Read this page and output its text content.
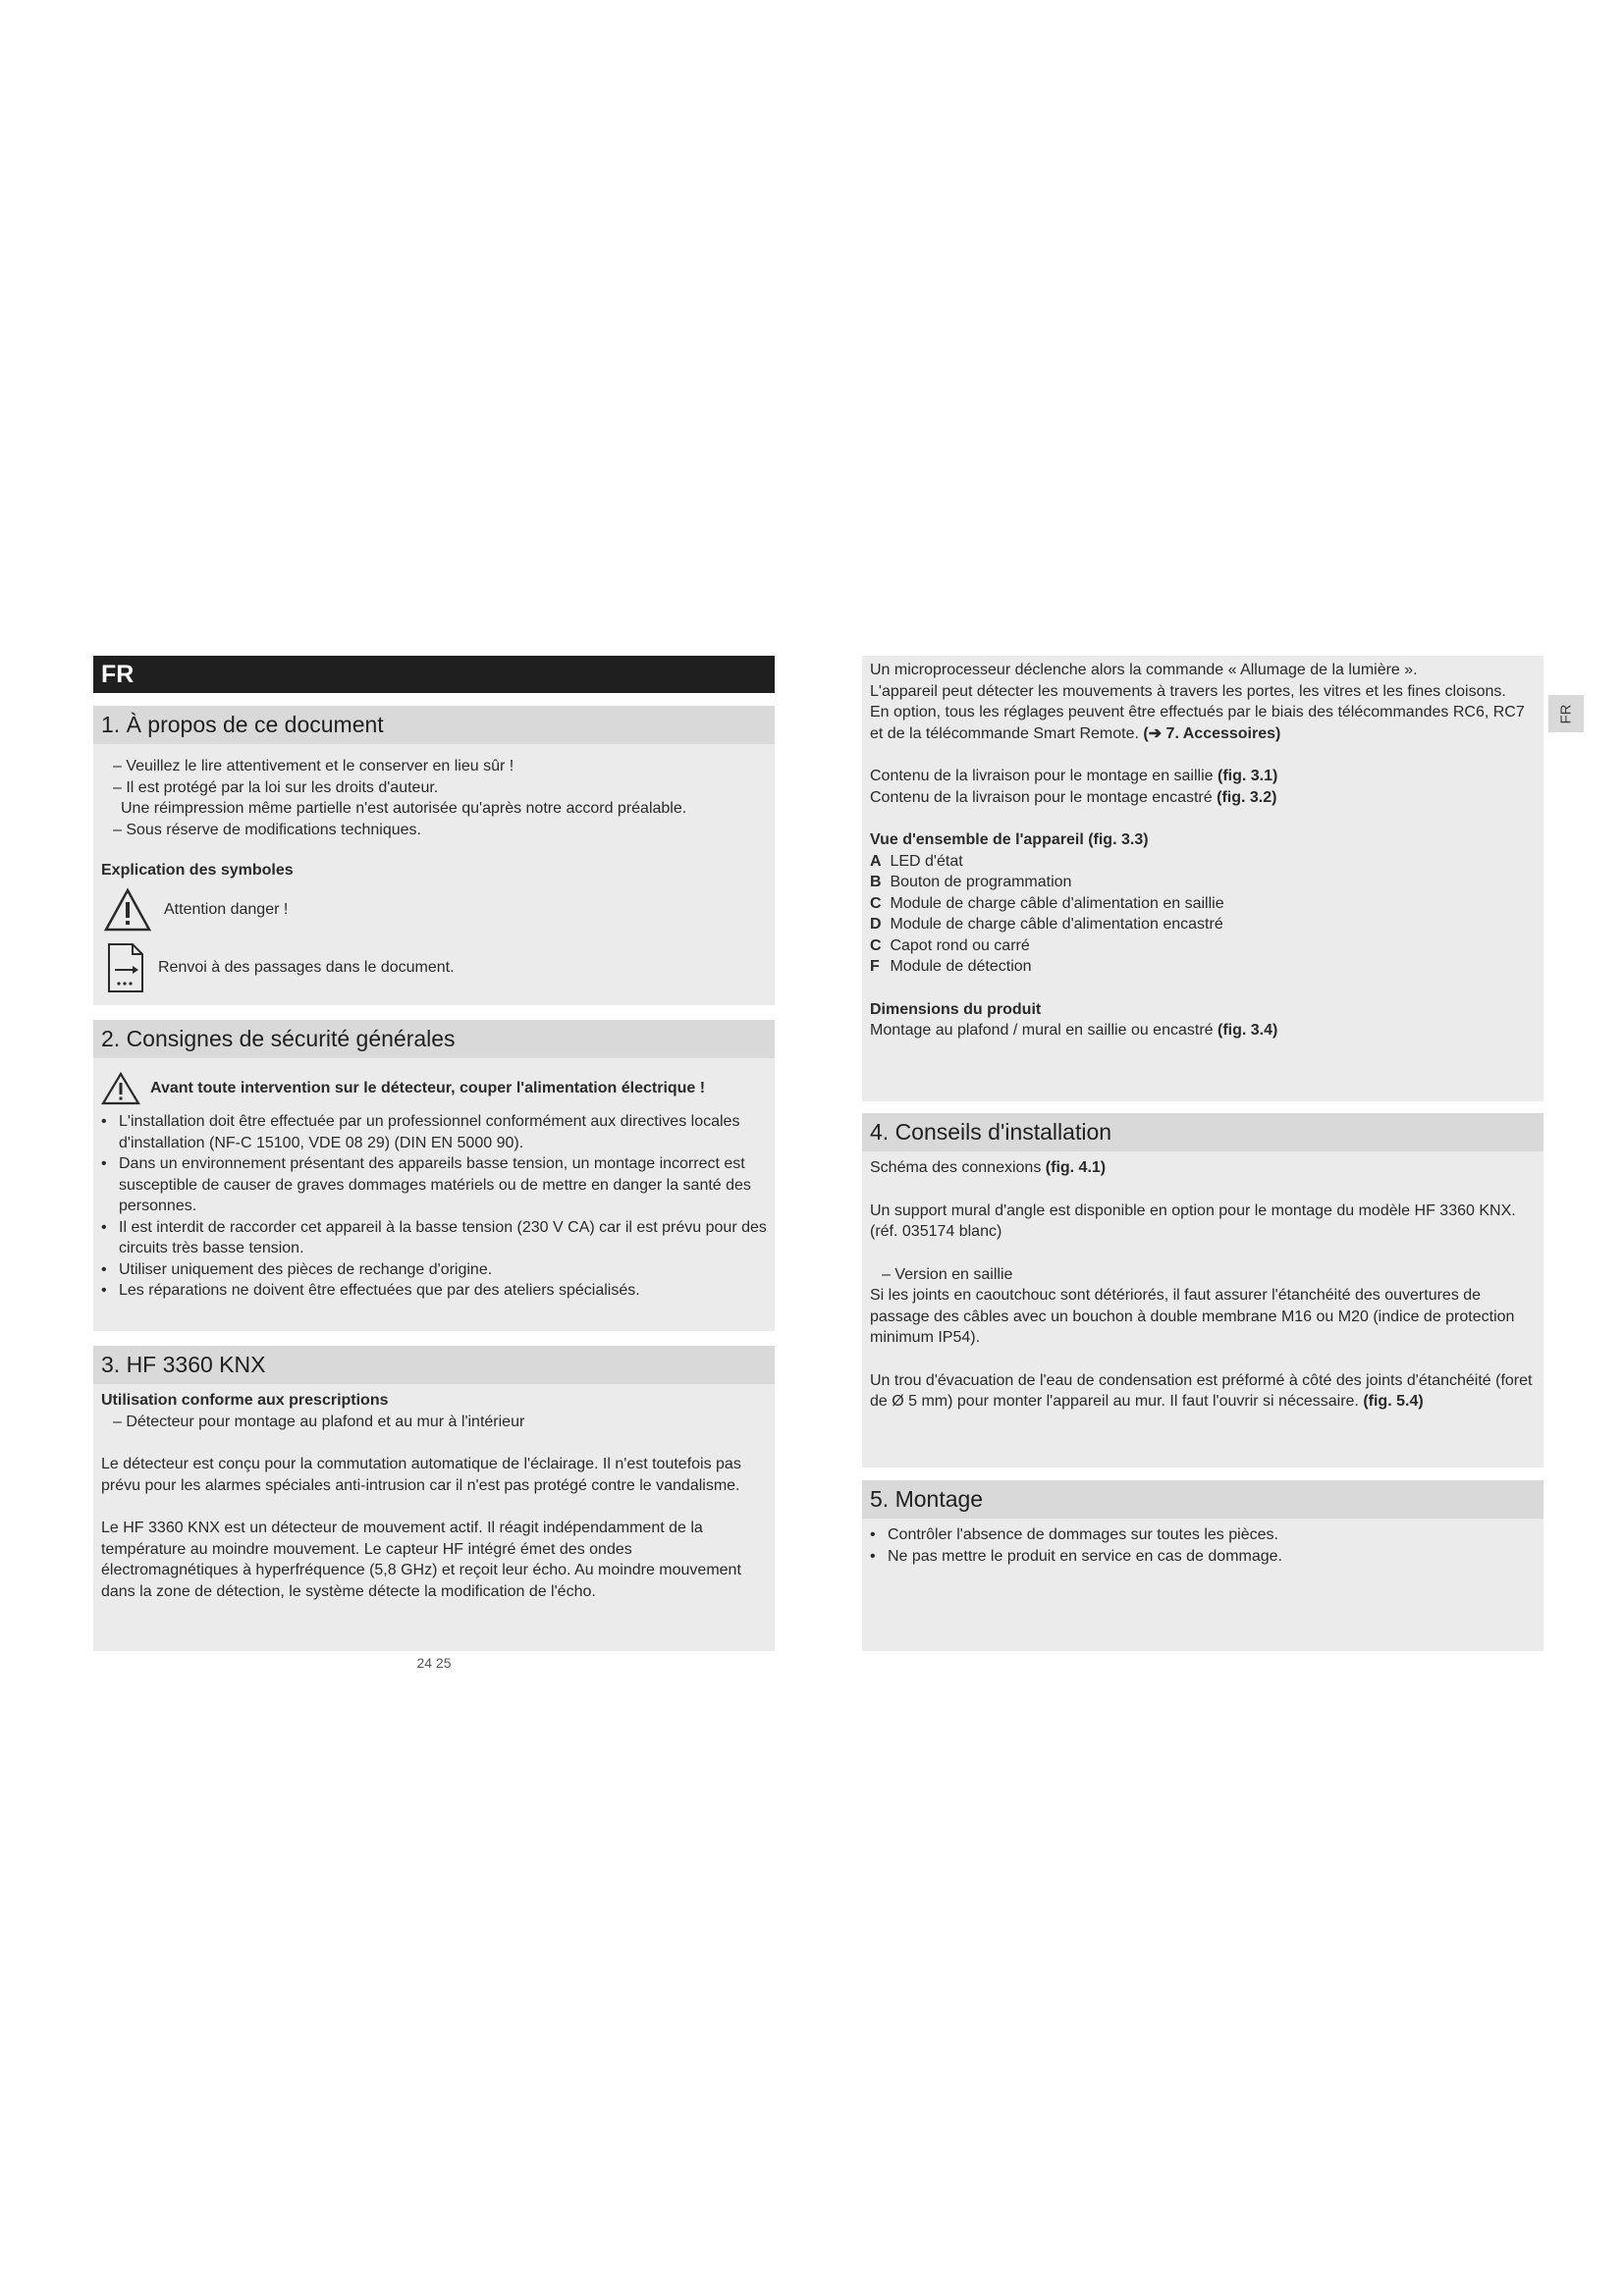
FR
1. À propos de ce document

– Veuillez le lire attentivement et le conserver en lieu sûr !

– Il est protégé par la loi sur les droits d'auteur.

Une réimpression même partielle n'est autorisée qu'après notre accord préalable.

– Sous réserve de modifications techniques.

Explication des symboles

Attention danger !
Renvoi à des passages dans le document.
2. Consignes de sécurité générales
Avant toute intervention sur le détecteur, couper l'alimentation électrique !

• L'installation doit être effectuée par un professionnel conformément aux directives locales d'installation (NF-C 15100, VDE 08 29) (DIN EN 5000 90).

• Dans un environnement présentant des appareils basse tension, un montage incorrect est susceptible de causer de graves dommages matériels ou de mettre en danger la santé des personnes.

• Il est interdit de raccorder cet appareil à la basse tension (230 V CA) car il est prévu pour des circuits très basse tension.

• Utiliser uniquement des pièces de rechange d'origine.

• Les réparations ne doivent être effectuées que par des ateliers spécialisés.

3. HF 3360 KNX

Utilisation conforme aux prescriptions

– Détecteur pour montage au plafond et au mur à l'intérieur

Le détecteur est conçu pour la commutation automatique de l'éclairage. Il n'est toutefois pas prévu pour les alarmes spéciales anti-intrusion car il n'est pas protégé contre le vandalisme.

Le HF 3360 KNX est un détecteur de mouvement actif. Il réagit indépendamment de la température au moindre mouvement. Le capteur HF intégré émet des ondes électromagnétiques à hyperfréquence (5,8 GHz) et reçoit leur écho. Au moindre mouvement dans la zone de détection, le système détecte la modification de l'écho.

24 25

Un microprocesseur déclenche alors la commande « Allumage de la lumière ».

L'appareil peut détecter les mouvements à travers les portes, les vitres et les fines cloisons.

En option, tous les réglages peuvent être effectués par le biais des télécommandes RC6, RC7 et de la télécommande Smart Remote. (➔ 7. Accessoires)

Contenu de la livraison pour le montage en saillie (fig. 3.1)

Contenu de la livraison pour le montage encastré (fig. 3.2)

Vue d'ensemble de l'appareil (fig. 3.3)

A LED d'état

B Bouton de programmation

C Module de charge câble d'alimentation en saillie

D Module de charge câble d'alimentation encastré

C Capot rond ou carré

F Module de détection

Dimensions du produit

Montage au plafond / mural en saillie ou encastré (fig. 3.4)

4. Conseils d'installation

Schéma des connexions (fig. 4.1)

Un support mural d'angle est disponible en option pour le montage du modèle HF 3360 KNX. (réf. 035174 blanc)

– Version en saillie

Si les joints en caoutchouc sont détériorés, il faut assurer l'étanchéité des ouvertures de passage des câbles avec un bouchon à double membrane M16 ou M20 (indice de protection minimum IP54).

Un trou d'évacuation de l'eau de condensation est préformé à côté des joints d'étanchéité (foret de Ø 5 mm) pour monter l'appareil au mur. Il faut l'ouvrir si nécessaire. (fig. 5.4)

5. Montage

• Contrôler l'absence de dommages sur toutes les pièces.

• Ne pas mettre le produit en service en cas de dommage.

FR
